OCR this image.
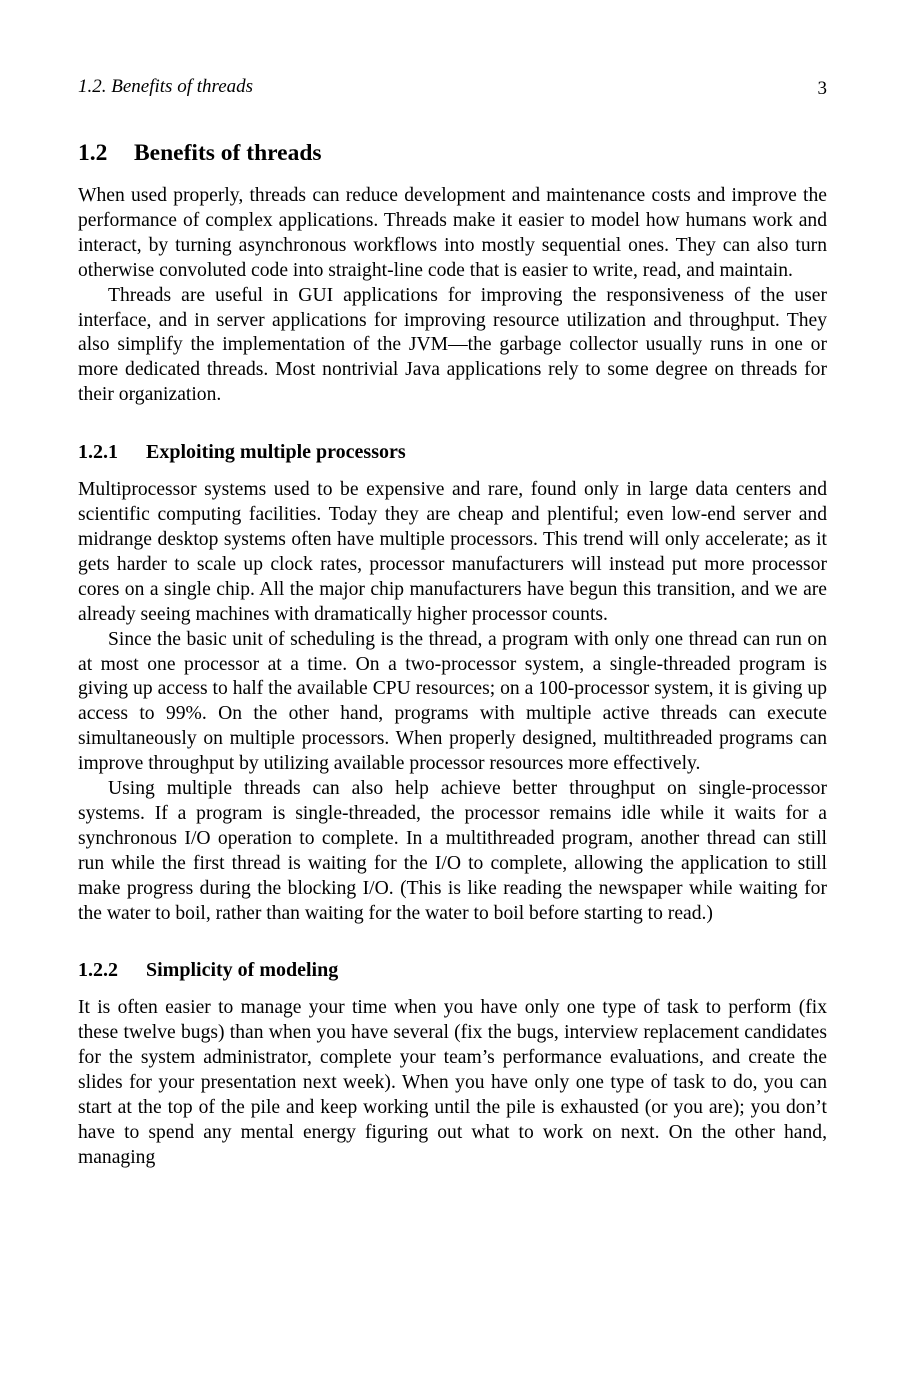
1.2. Benefits of threads	3
1.2 Benefits of threads

When used properly, threads can reduce development and maintenance costs and improve the performance of complex applications. Threads make it easier to model how humans work and interact, by turning asynchronous workflows into mostly sequential ones. They can also turn otherwise convoluted code into straight-line code that is easier to write, read, and maintain.

Threads are useful in GUI applications for improving the responsiveness of the user interface, and in server applications for improving resource utilization and throughput. They also simplify the implementation of the JVM—the garbage collector usually runs in one or more dedicated threads. Most nontrivial Java applications rely to some degree on threads for their organization.

1.2.1 Exploiting multiple processors

Multiprocessor systems used to be expensive and rare, found only in large data centers and scientific computing facilities. Today they are cheap and plentiful; even low-end server and midrange desktop systems often have multiple processors. This trend will only accelerate; as it gets harder to scale up clock rates, processor manufacturers will instead put more processor cores on a single chip. All the major chip manufacturers have begun this transition, and we are already seeing machines with dramatically higher processor counts.

Since the basic unit of scheduling is the thread, a program with only one thread can run on at most one processor at a time. On a two-processor system, a single-threaded program is giving up access to half the available CPU resources; on a 100-processor system, it is giving up access to 99%. On the other hand, programs with multiple active threads can execute simultaneously on multiple processors. When properly designed, multithreaded programs can improve throughput by utilizing available processor resources more effectively.

Using multiple threads can also help achieve better throughput on single-processor systems. If a program is single-threaded, the processor remains idle while it waits for a synchronous I/O operation to complete. In a multithreaded program, another thread can still run while the first thread is waiting for the I/O to complete, allowing the application to still make progress during the blocking I/O. (This is like reading the newspaper while waiting for the water to boil, rather than waiting for the water to boil before starting to read.)

1.2.2 Simplicity of modeling

It is often easier to manage your time when you have only one type of task to perform (fix these twelve bugs) than when you have several (fix the bugs, interview replacement candidates for the system administrator, complete your team’s performance evaluations, and create the slides for your presentation next week). When you have only one type of task to do, you can start at the top of the pile and keep working until the pile is exhausted (or you are); you don’t have to spend any mental energy figuring out what to work on next. On the other hand, managing
